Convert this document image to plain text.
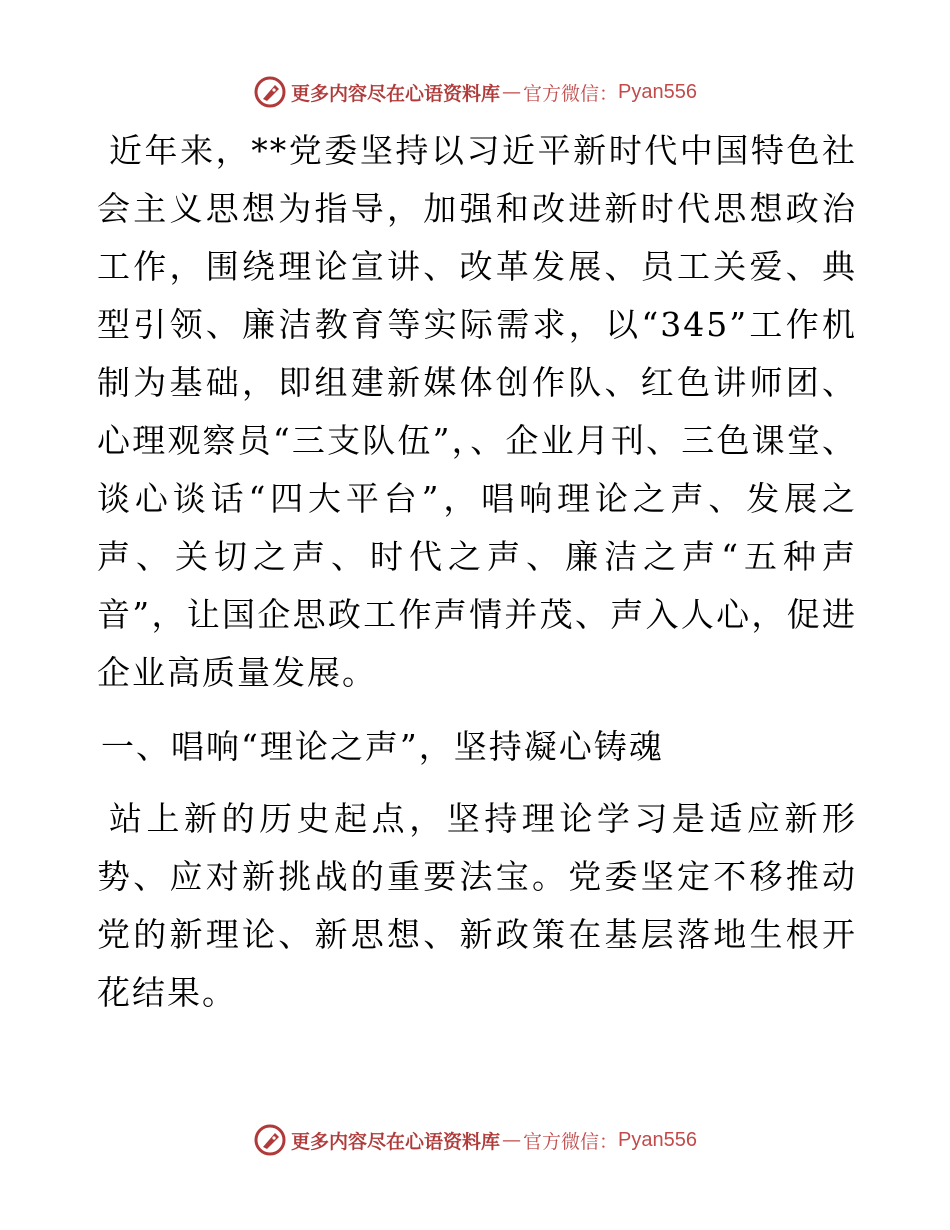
更多内容尽在心语资料库 — 官方微信： Pyan556

近年来，**党委坚持以习近平新时代中国特色社会主义思想为指导，加强和改进新时代思想政治工作，围绕理论宣讲、改革发展、员工关爱、典型引领、廉洁教育等实际需求，以“345”工作机制为基础，即组建新媒体创作队、红色讲师团、心理观察员“三支队伍”，、企业月刊、三色课堂、谈心谈话“四大平台”，唱响理论之声、发展之声、关切之声、时代之声、廉洁之声“五种声音”，让国企思政工作声情并茂、声入人心，促进企业高质量发展。

一、唱响“理论之声”，坚持凝心铸魂

站上新的历史起点，坚持理论学习是适应新形势、应对新挑战的重要法宝。党委坚定不移推动党的新理论、新思想、新政策在基层落地生根开花结果。

更多内容尽在心语资料库 — 官方微信： Pyan556
